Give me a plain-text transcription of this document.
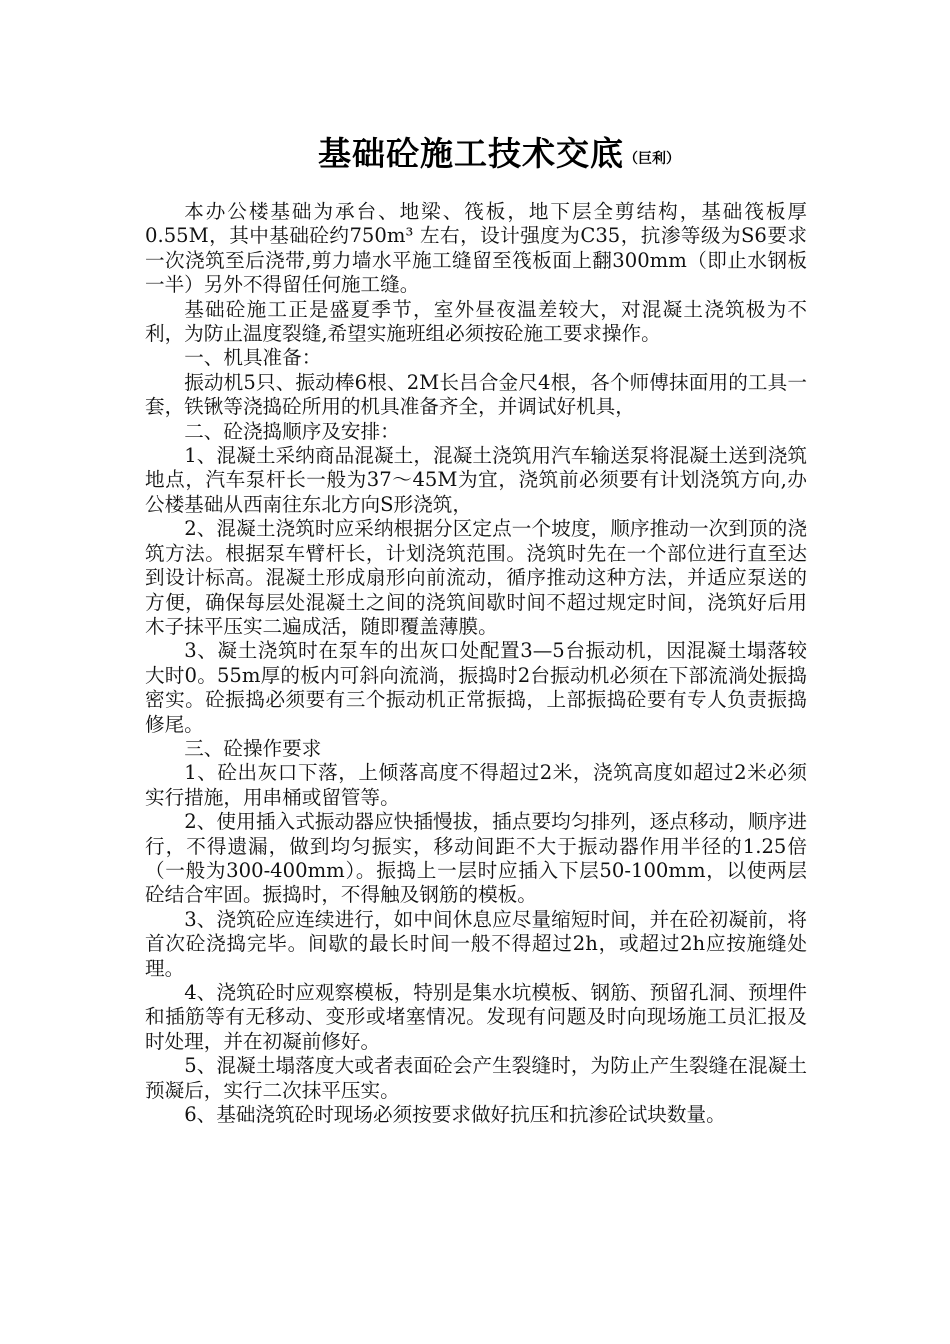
基础砼施工技术交底（巨利）

本办公楼基础为承台、地梁、筏板，地下层全剪结构，基础筏板厚0.55M，其中基础砼约750m³ 左右，设计强度为C35，抗渗等级为S6要求一次浇筑至后浇带,剪力墙水平施工缝留至筏板面上翻300mm（即止水钢板一半）另外不得留任何施工缝。

基础砼施工正是盛夏季节，室外昼夜温差较大，对混凝土浇筑极为不利，为防止温度裂缝,希望实施班组必须按砼施工要求操作。

一、机具准备：

振动机5只、振动棒6根、2M长吕合金尺4根，各个师傅抹面用的工具一套，铁锹等浇捣砼所用的机具准备齐全，并调试好机具，

二、砼浇捣顺序及安排：

1、混凝土采纳商品混凝土，混凝土浇筑用汽车输送泵将混凝土送到浇筑地点，汽车泵杆长一般为37～45M为宜，浇筑前必须要有计划浇筑方向,办公楼基础从西南往东北方向S形浇筑，

2、混凝土浇筑时应采纳根据分区定点一个坡度，顺序推动一次到顶的浇筑方法。根据泵车臂杆长，计划浇筑范围。浇筑时先在一个部位进行直至达到设计标高。混凝土形成扇形向前流动，循序推动这种方法，并适应泵送的方便，确保每层处混凝土之间的浇筑间歇时间不超过规定时间，浇筑好后用木子抹平压实二遍成活，随即覆盖薄膜。

3、凝土浇筑时在泵车的出灰口处配置3—5台振动机，因混凝土塌落较大时0。55m厚的板内可斜向流淌，振捣时2台振动机必须在下部流淌处振捣密实。砼振捣必须要有三个振动机正常振捣，上部振捣砼要有专人负责振捣修尾。

三、砼操作要求

1、砼出灰口下落，上倾落高度不得超过2米，浇筑高度如超过2米必须实行措施，用串桶或留管等。

2、使用插入式振动器应快插慢拔，插点要均匀排列，逐点移动，顺序进行，不得遗漏，做到均匀振实，移动间距不大于振动器作用半径的1.25倍（一般为300-400mm）。振捣上一层时应插入下层50-100mm，以使两层砼结合牢固。振捣时，不得触及钢筋的模板。

3、浇筑砼应连续进行，如中间休息应尽量缩短时间，并在砼初凝前，将首次砼浇捣完毕。间歇的最长时间一般不得超过2h，或超过2h应按施缝处理。

4、浇筑砼时应观察模板，特别是集水坑模板、钢筋、预留孔洞、预埋件和插筋等有无移动、变形或堵塞情况。发现有问题及时向现场施工员汇报及时处理，并在初凝前修好。

5、混凝土塌落度大或者表面砼会产生裂缝时，为防止产生裂缝在混凝土预凝后，实行二次抹平压实。

6、基础浇筑砼时现场必须按要求做好抗压和抗渗砼试块数量。
